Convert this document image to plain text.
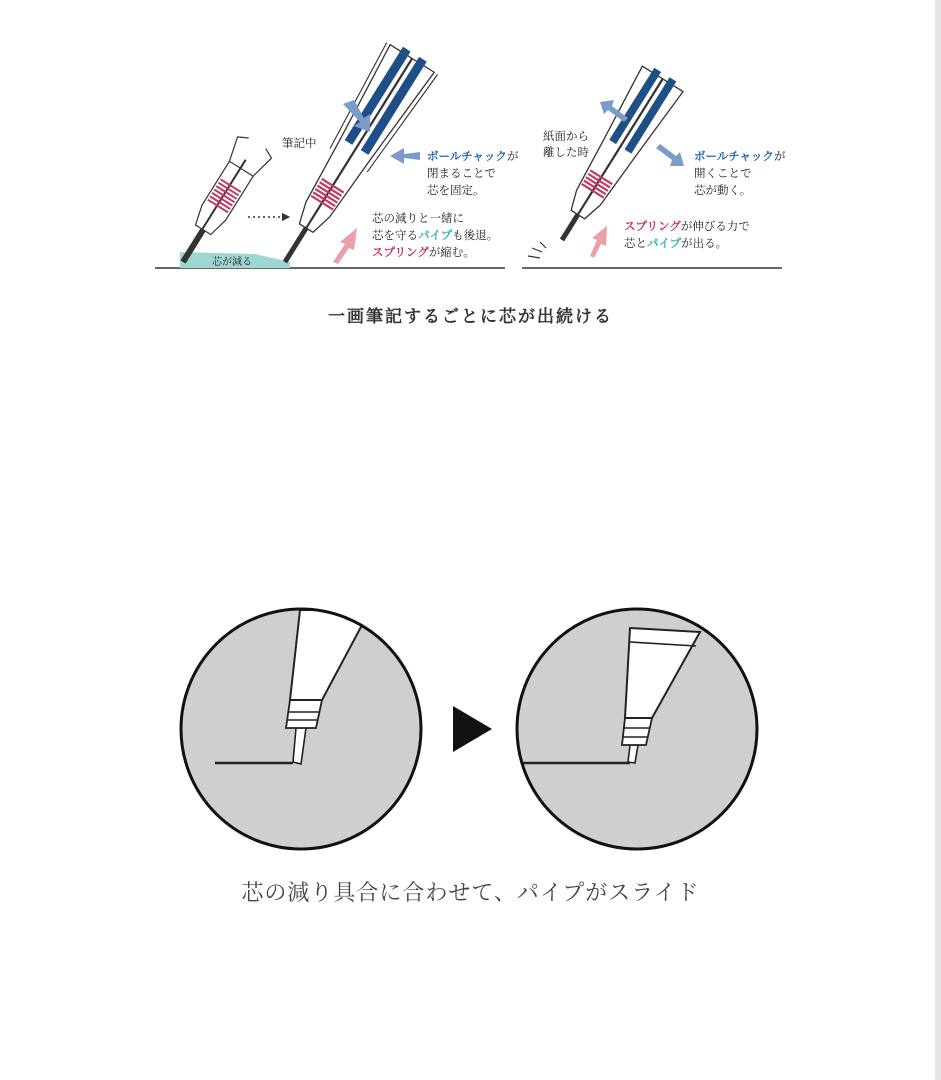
筆記中
芯が減る
ボールチャックが
閉まることで
芯を固定。
芯の減りと一緒に
芯を守るパイプも後退。
スプリングが縮む。
紙面から
離した時	ボールチャックが
開くことで
芯が動く。
スプリングが伸びる力で
芯とパイプが出る。
一画筆記するごとに芯が出続ける
芯の減り具合に合わせて、パイプがスライド
